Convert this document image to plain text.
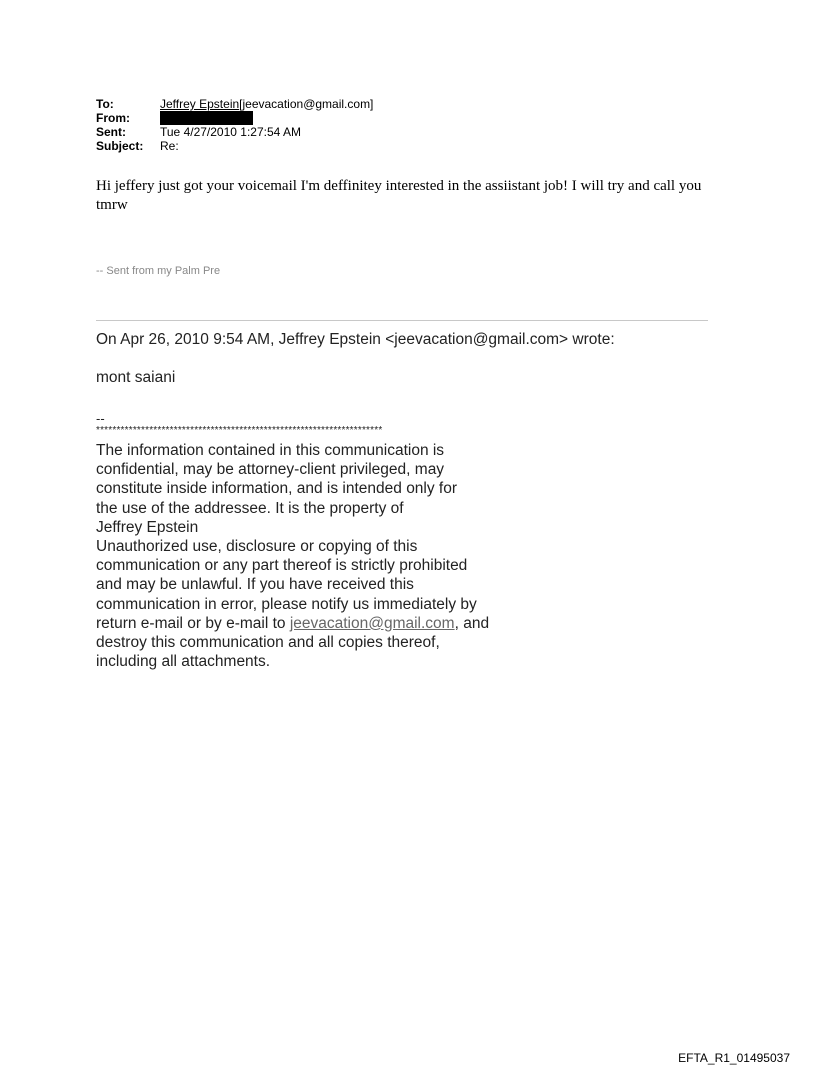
To:	Jeffrey Epstein[jeevacation@gmail.com]
From:
Sent:	Tue 4/27/2010 1:27:54 AM
Subject:	Re:

Hi jeffery just got your voicemail I'm deffinitey interested in the assiistant job! I will try and call you tmrw

-- Sent from my Palm Pre

On Apr 26, 2010 9:54 AM, Jeffrey Epstein <jeevacation@gmail.com> wrote:

mont saiani

--

**********************************************************************

The information contained in this communication is
confidential, may be attorney-client privileged, may
constitute inside information, and is intended only for
the use of the addressee. It is the property of
Jeffrey Epstein
Unauthorized use, disclosure or copying of this
communication or any part thereof is strictly prohibited
and may be unlawful. If you have received this
communication in error, please notify us immediately by
return e-mail or by e-mail to jeevacation@gmail.com, and
destroy this communication and all copies thereof,
including all attachments.

EFTA_R1_01495037
